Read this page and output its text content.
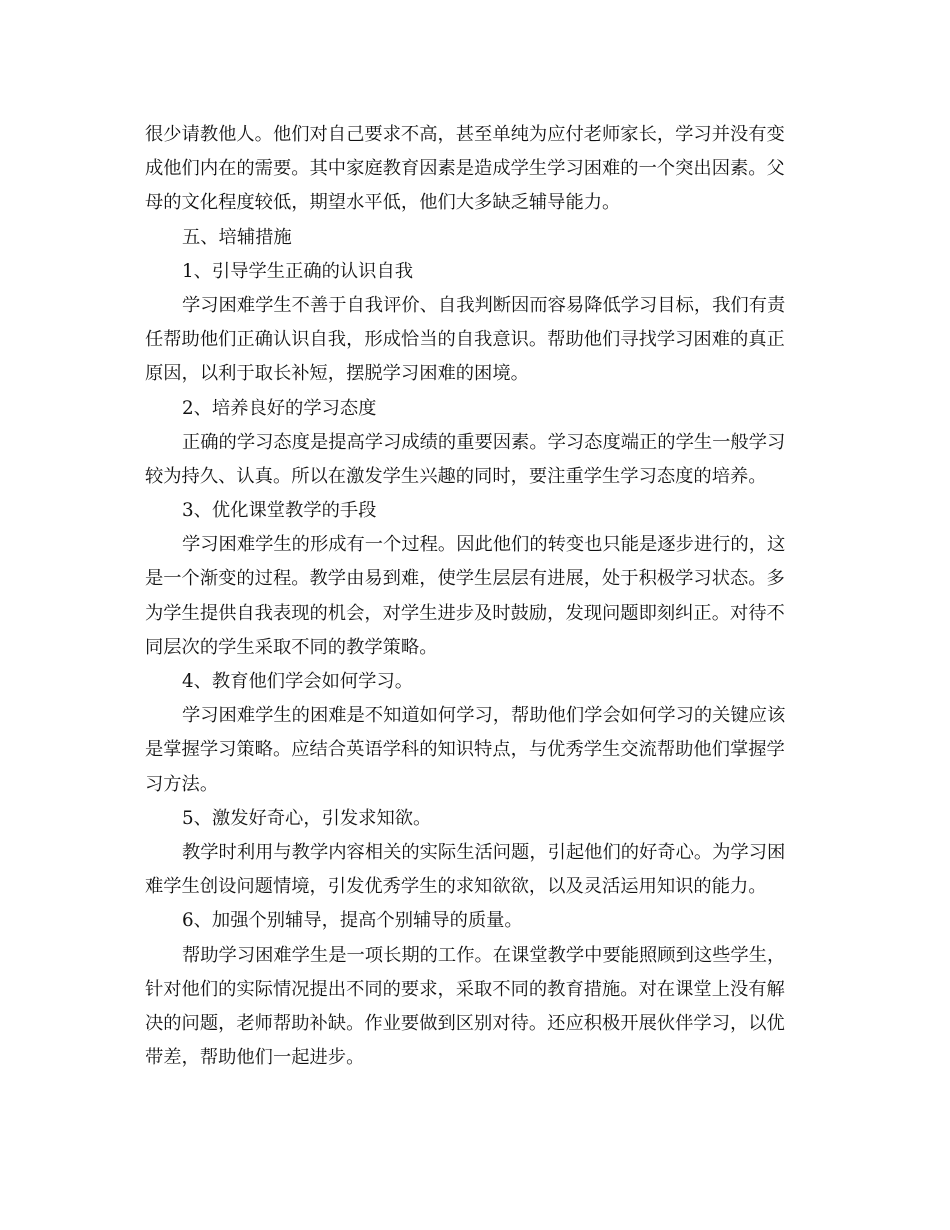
很少请教他人。他们对自己要求不高，甚至单纯为应付老师家长，学习并没有变
成他们内在的需要。其中家庭教育因素是造成学生学习困难的一个突出因素。父
母的文化程度较低，期望水平低，他们大多缺乏辅导能力。
五、培辅措施
1、引导学生正确的认识自我
学习困难学生不善于自我评价、自我判断因而容易降低学习目标，我们有责
任帮助他们正确认识自我，形成恰当的自我意识。帮助他们寻找学习困难的真正
原因，以利于取长补短，摆脱学习困难的困境。
2、培养良好的学习态度
正确的学习态度是提高学习成绩的重要因素。学习态度端正的学生一般学习
较为持久、认真。所以在激发学生兴趣的同时，要注重学生学习态度的培养。
3、优化课堂教学的手段
学习困难学生的形成有一个过程。因此他们的转变也只能是逐步进行的，这
是一个渐变的过程。教学由易到难，使学生层层有进展，处于积极学习状态。多
为学生提供自我表现的机会，对学生进步及时鼓励，发现问题即刻纠正。对待不
同层次的学生采取不同的教学策略。
4、教育他们学会如何学习。
学习困难学生的困难是不知道如何学习，帮助他们学会如何学习的关键应该
是掌握学习策略。应结合英语学科的知识特点，与优秀学生交流帮助他们掌握学
习方法。
5、激发好奇心，引发求知欲。
教学时利用与教学内容相关的实际生活问题，引起他们的好奇心。为学习困
难学生创设问题情境，引发优秀学生的求知欲欲，以及灵活运用知识的能力。
6、加强个别辅导，提高个别辅导的质量。
帮助学习困难学生是一项长期的工作。在课堂教学中要能照顾到这些学生，
针对他们的实际情况提出不同的要求，采取不同的教育措施。对在课堂上没有解
决的问题，老师帮助补缺。作业要做到区别对待。还应积极开展伙伴学习，以优
带差，帮助他们一起进步。
